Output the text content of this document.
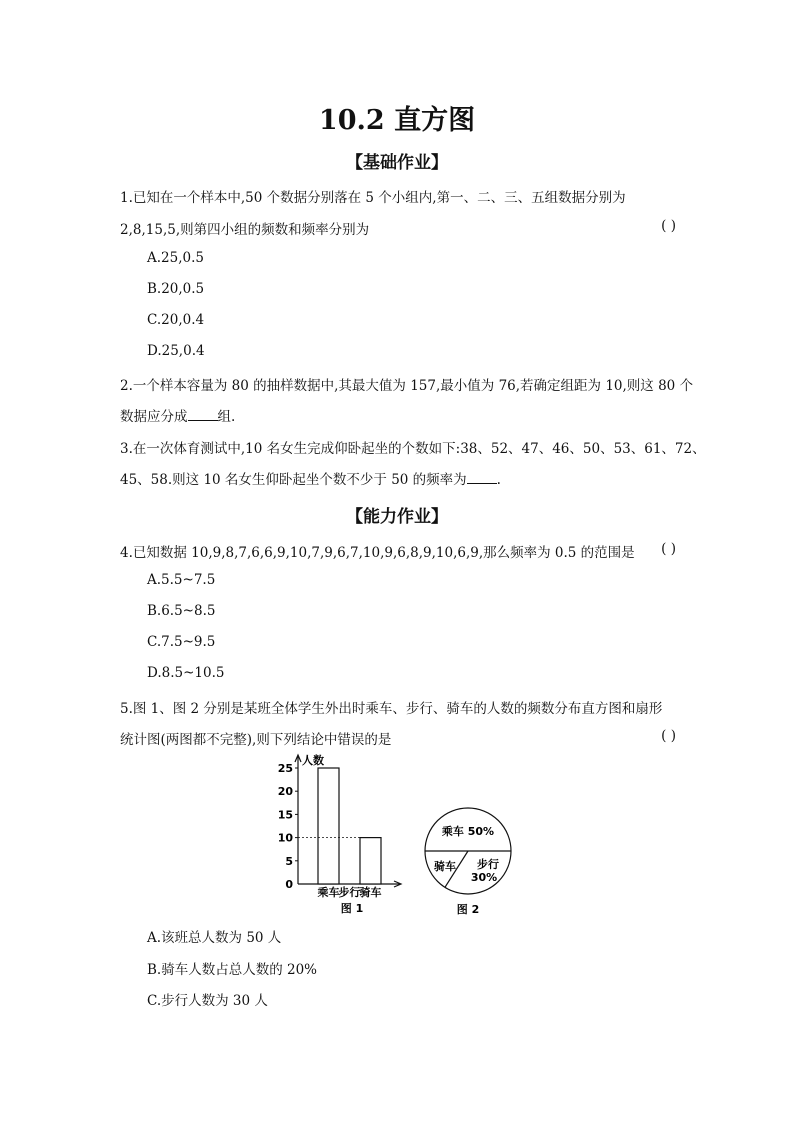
10.2 直方图
【基础作业】
1.已知在一个样本中,50 个数据分别落在 5 个小组内,第一、二、三、五组数据分别为
2,8,15,5,则第四小组的频数和频率分别为	( )
A.25,0.5
B.20,0.5
C.20,0.4
D.25,0.4
2.一个样本容量为 80 的抽样数据中,其最大值为 157,最小值为 76,若确定组距为 10,则这 80 个
数据应分成 组.
3.在一次体育测试中,10 名女生完成仰卧起坐的个数如下:38、52、47、46、50、53、61、72、
45、58.则这 10 名女生仰卧起坐个数不少于 50 的频率为 .
【能力作业】
4.已知数据 10,9,8,7,6,6,9,10,7,9,6,7,10,9,6,8,9,10,6,9,那么频率为 0.5 的范围是 ( )
A.5.5~7.5
B.6.5~8.5
C.7.5~9.5
D.8.5~10.5
5.图 1、图 2 分别是某班全体学生外出时乘车、步行、骑车的人数的频数分布直方图和扇形
统计图(两图都不完整),则下列结论中错误的是	( )
人数
0
5
10
15
20
25
乘车 步行 骑车
图 1
乘车 50%
步行
30%
骑车
图 2
A.该班总人数为 50 人
B.骑车人数占总人数的 20%
C.步行人数为 30 人
